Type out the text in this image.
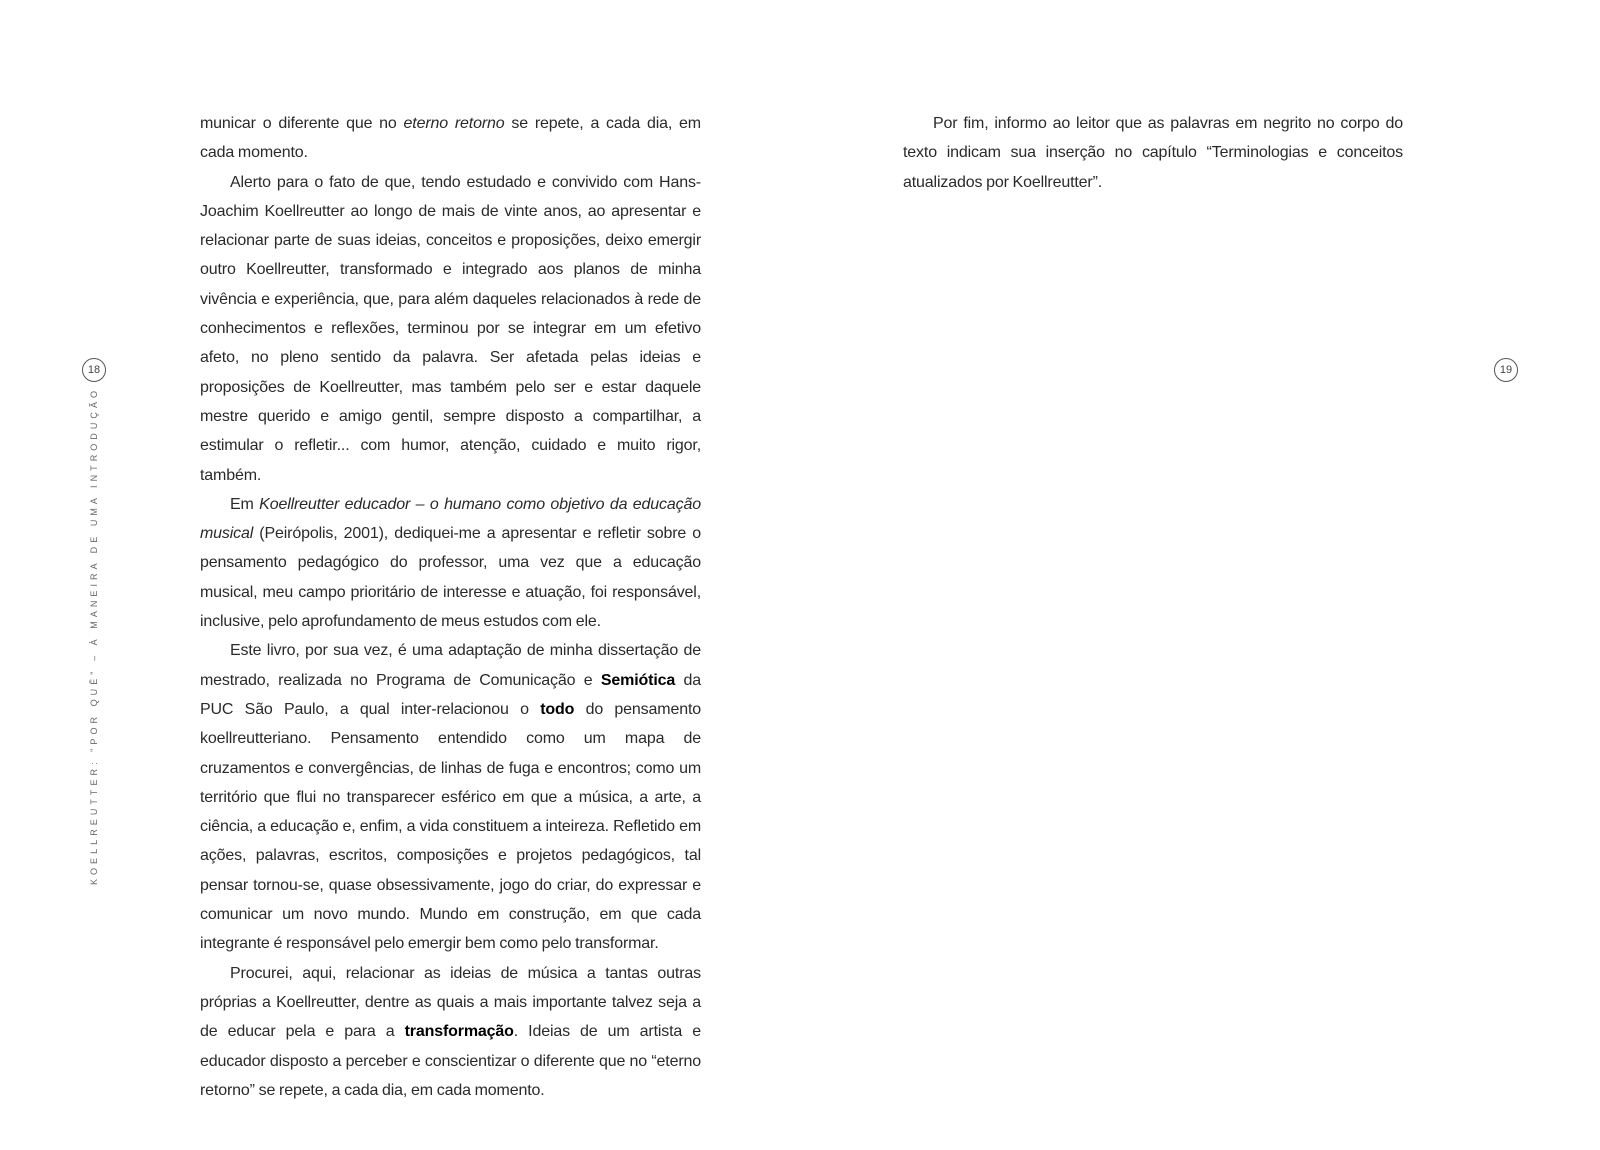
KOELLREUTTER: "POR QUÊ" – À MANEIRA DE UMA INTRODUÇÃO
18

municar o diferente que no eterno retorno se repete, a cada dia, em cada momento.

Alerto para o fato de que, tendo estudado e convivido com Hans-Joachim Koellreutter ao longo de mais de vinte anos, ao apresentar e relacionar parte de suas ideias, conceitos e proposições, deixo emergir outro Koellreutter, transformado e integrado aos planos de minha vivência e experiência, que, para além daqueles relacionados à rede de conhecimentos e reflexões, terminou por se integrar em um efetivo afeto, no pleno sentido da palavra. Ser afetada pelas ideias e proposições de Koellreutter, mas também pelo ser e estar daquele mestre querido e amigo gentil, sempre disposto a compartilhar, a estimular o refletir... com humor, atenção, cuidado e muito rigor, também.

Em Koellreutter educador – o humano como objetivo da educação musical (Peirópolis, 2001), dediquei-me a apresentar e refletir sobre o pensamento pedagógico do professor, uma vez que a educação musical, meu campo prioritário de interesse e atuação, foi responsável, inclusive, pelo aprofundamento de meus estudos com ele.

Este livro, por sua vez, é uma adaptação de minha dissertação de mestrado, realizada no Programa de Comunicação e Semiótica da PUC São Paulo, a qual inter-relacionou o todo do pensamento koellreutteriano. Pensamento entendido como um mapa de cruzamentos e convergências, de linhas de fuga e encontros; como um território que flui no transparecer esférico em que a música, a arte, a ciência, a educação e, enfim, a vida constituem a inteireza. Refletido em ações, palavras, escritos, composições e projetos pedagógicos, tal pensar tornou-se, quase obsessivamente, jogo do criar, do expressar e comunicar um novo mundo. Mundo em construção, em que cada integrante é responsável pelo emergir bem como pelo transformar.

Procurei, aqui, relacionar as ideias de música a tantas outras próprias a Koellreutter, dentre as quais a mais importante talvez seja a de educar pela e para a transformação. Ideias de um artista e educador disposto a perceber e conscientizar o diferente que no “eterno retorno” se repete, a cada dia, em cada momento.

Por fim, informo ao leitor que as palavras em negrito no corpo do texto indicam sua inserção no capítulo “Terminologias e conceitos atualizados por Koellreutter”.

19
